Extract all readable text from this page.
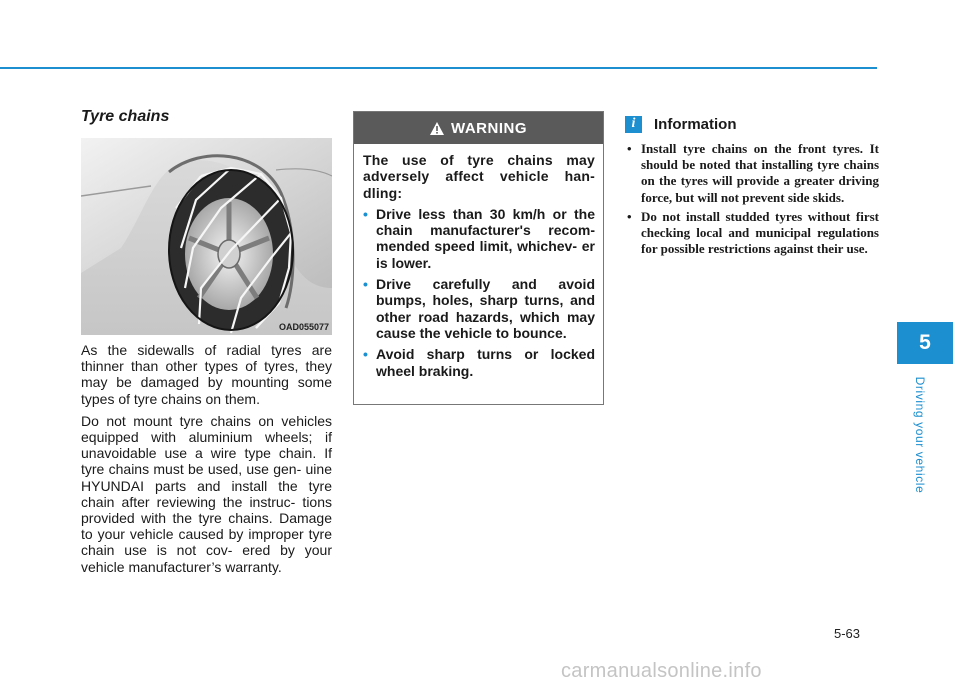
Tyre chains
OAD055077

As the sidewalls of radial tyres are thinner than other types of tyres, they may be damaged by mounting some types of tyre chains on them.

Do not mount tyre chains on vehicles equipped with aluminium wheels; if unavoidable use a wire type chain. If tyre chains must be used, use gen- uine HYUNDAI parts and install the tyre chain after reviewing the instruc- tions provided with the tyre chains. Damage to your vehicle caused by improper tyre chain use is not cov- ered by your vehicle manufacturer’s warranty.

WARNING

The use of tyre chains may adversely affect vehicle han- dling:

• Drive less than 30 km/h or the chain manufacturer's recom- mended speed limit, whichev- er is lower.
• Drive carefully and avoid bumps, holes, sharp turns, and other road hazards, which may cause the vehicle to bounce.
• Avoid sharp turns or locked wheel braking.
i	Information
• Install tyre chains on the front tyres. It should be noted that installing tyre chains on the tyres will provide a greater driving force, but will not prevent side skids.
• Do not install studded tyres without first checking local and municipal regulations for possible restrictions against their use.
5
Driving your vehicle
5-63
carmanualsonline.info
